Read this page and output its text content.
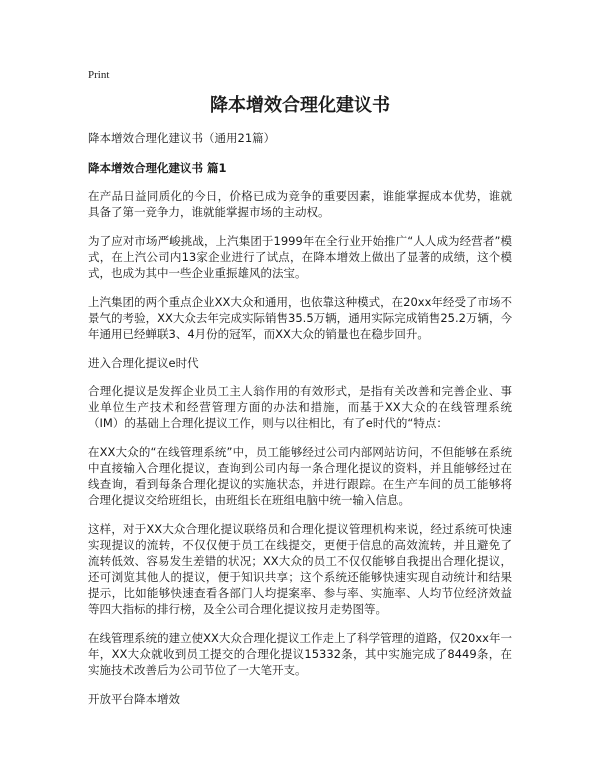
Print
降本增效合理化建议书
降本增效合理化建议书（通用21篇）
降本增效合理化建议书 篇1

在产品日益同质化的今日，价格已成为竞争的重要因素，谁能掌握成本优势，谁就具备了第一竞争力，谁就能掌握市场的主动权。

为了应对市场严峻挑战，上汽集团于1999年在全行业开始推广“人人成为经营者”模式，在上汽公司内13家企业进行了试点，在降本增效上做出了显著的成绩，这个模式，也成为其中一些企业重振雄风的法宝。

上汽集团的两个重点企业XX大众和通用，也依靠这种模式，在20xx年经受了市场不景气的考验，XX大众去年完成实际销售35.5万辆，通用实际完成销售25.2万辆，今年通用已经蝉联3、4月份的冠军，而XX大众的销量也在稳步回升。

进入合理化提议e时代

合理化提议是发挥企业员工主人翁作用的有效形式，是指有关改善和完善企业、事业单位生产技术和经营管理方面的办法和措施，而基于XX大众的在线管理系统（IM）的基础上合理化提议工作，则与以往相比，有了e时代的“特点：

在XX大众的“在线管理系统”中，员工能够经过公司内部网站访问，不但能够在系统中直接输入合理化提议，查询到公司内每一条合理化提议的资料，并且能够经过在线查询，看到每条合理化提议的实施状态，并进行跟踪。在生产车间的员工能够将合理化提议交给班组长，由班组长在班组电脑中统一输入信息。

这样，对于XX大众合理化提议联络员和合理化提议管理机构来说，经过系统可快速实现提议的流转，不仅仅便于员工在线提交，更便于信息的高效流转，并且避免了流转低效、容易发生差错的状况；XX大众的员工不仅仅能够自我提出合理化提议，还可浏览其他人的提议，便于知识共享；这个系统还能够快速实现自动统计和结果提示，比如能够快速查看各部门人均提案率、参与率、实施率、人均节位经济效益等四大指标的排行榜，及全公司合理化提议按月走势图等。

在线管理系统的建立使XX大众合理化提议工作走上了科学管理的道路，仅20xx年一年，XX大众就收到员工提交的合理化提议15332条，其中实施完成了8449条，在实施技术改善后为公司节位了一大笔开支。

开放平台降本增效
